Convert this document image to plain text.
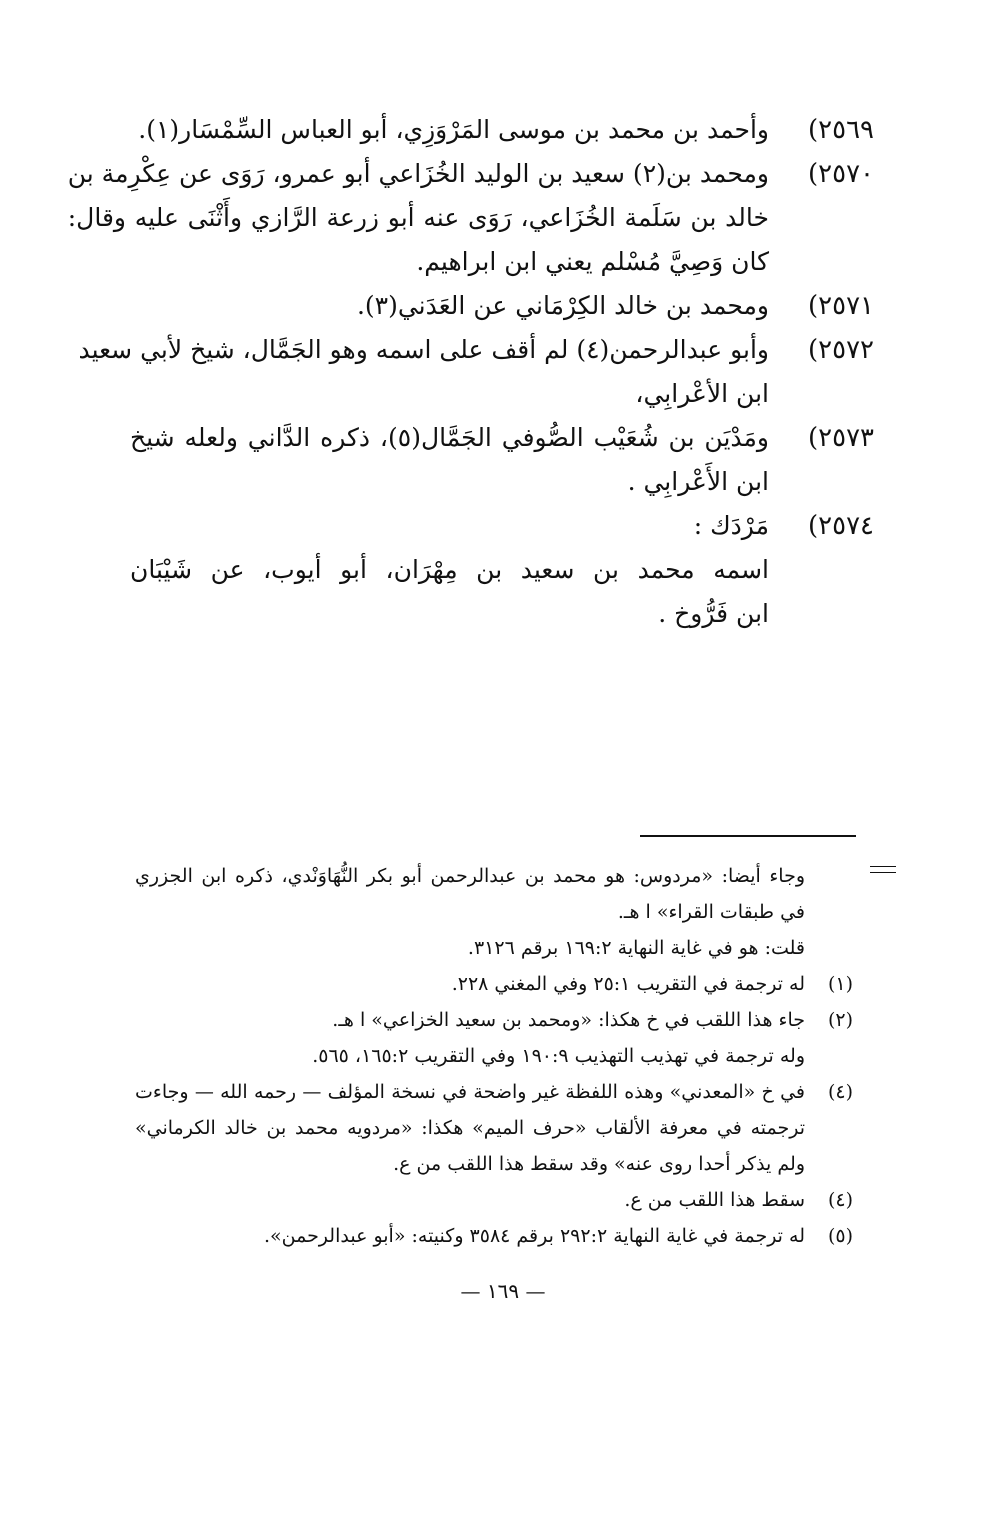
٢٥٦٩)
وأحمد بن محمد بن موسى المَرْوَزِي، أبو العباس السِّمْسَار(١).
٢٥٧٠)
ومحمد بن(٢) سعيد بن الوليد الخُزَاعي أبو عمرو، رَوَى عن عِكْرِمة بن
خالد بن سَلَمة الخُزَاعي، رَوَى عنه أبو زرعة الرَّازي وأَثْنَى عليه وقال:
كان وَصِيَّ مُسْلم يعني ابن ابراهيم.
٢٥٧١)
ومحمد بن خالد الكِرْمَاني عن العَدَني(٣).
٢٥٧٢)
وأبو عبدالرحمن(٤) لم أقف على اسمه وهو الجَمَّال، شيخ لأبي سعيد
ابن الأعْرابِي،
٢٥٧٣)
ومَدْيَن بن شُعَيْب الصُّوفي الجَمَّال(٥)، ذكره الدَّاني ولعله شيخ
ابن الأَعْرابِي .
٢٥٧٤)
مَرْدَك :
اسمه محمد بن سعيد بن مِهْرَان، أبو أيوب، عن شَيْبَان
ابن فَرُّوخ .
وجاء أيضا: «مردوس: هو محمد بن عبدالرحمن أبو بكر النُّهَاوَنْدي، ذكره ابن الجزري
في طبقات القراء» ا هـ.
قلت: هو في غاية النهاية ١٦٩:٢ برقم ٣١٢٦.
(١)
له ترجمة في التقريب ٢٥:١ وفي المغني ٢٢٨.
(٢)
جاء هذا اللقب في خ هكذا: «ومحمد بن سعيد الخزاعي» ا هـ.
وله ترجمة في تهذيب التهذيب ١٩٠:٩ وفي التقريب ١٦٥:٢، ٥٦٥.
(٤)
في خ «المعدني» وهذه اللفظة غير واضحة في نسخة المؤلف — رحمه الله — وجاءت
ترجمته في معرفة الألقاب «حرف الميم» هكذا: «مردويه محمد بن خالد الكرماني»
ولم يذكر أحدا روى عنه» وقد سقط هذا اللقب من ع.
(٤)
سقط هذا اللقب من ع.
(٥)
له ترجمة في غاية النهاية ٢٩٢:٢ برقم ٣٥٨٤ وكنيته: «أبو عبدالرحمن».
— ١٦٩ —
